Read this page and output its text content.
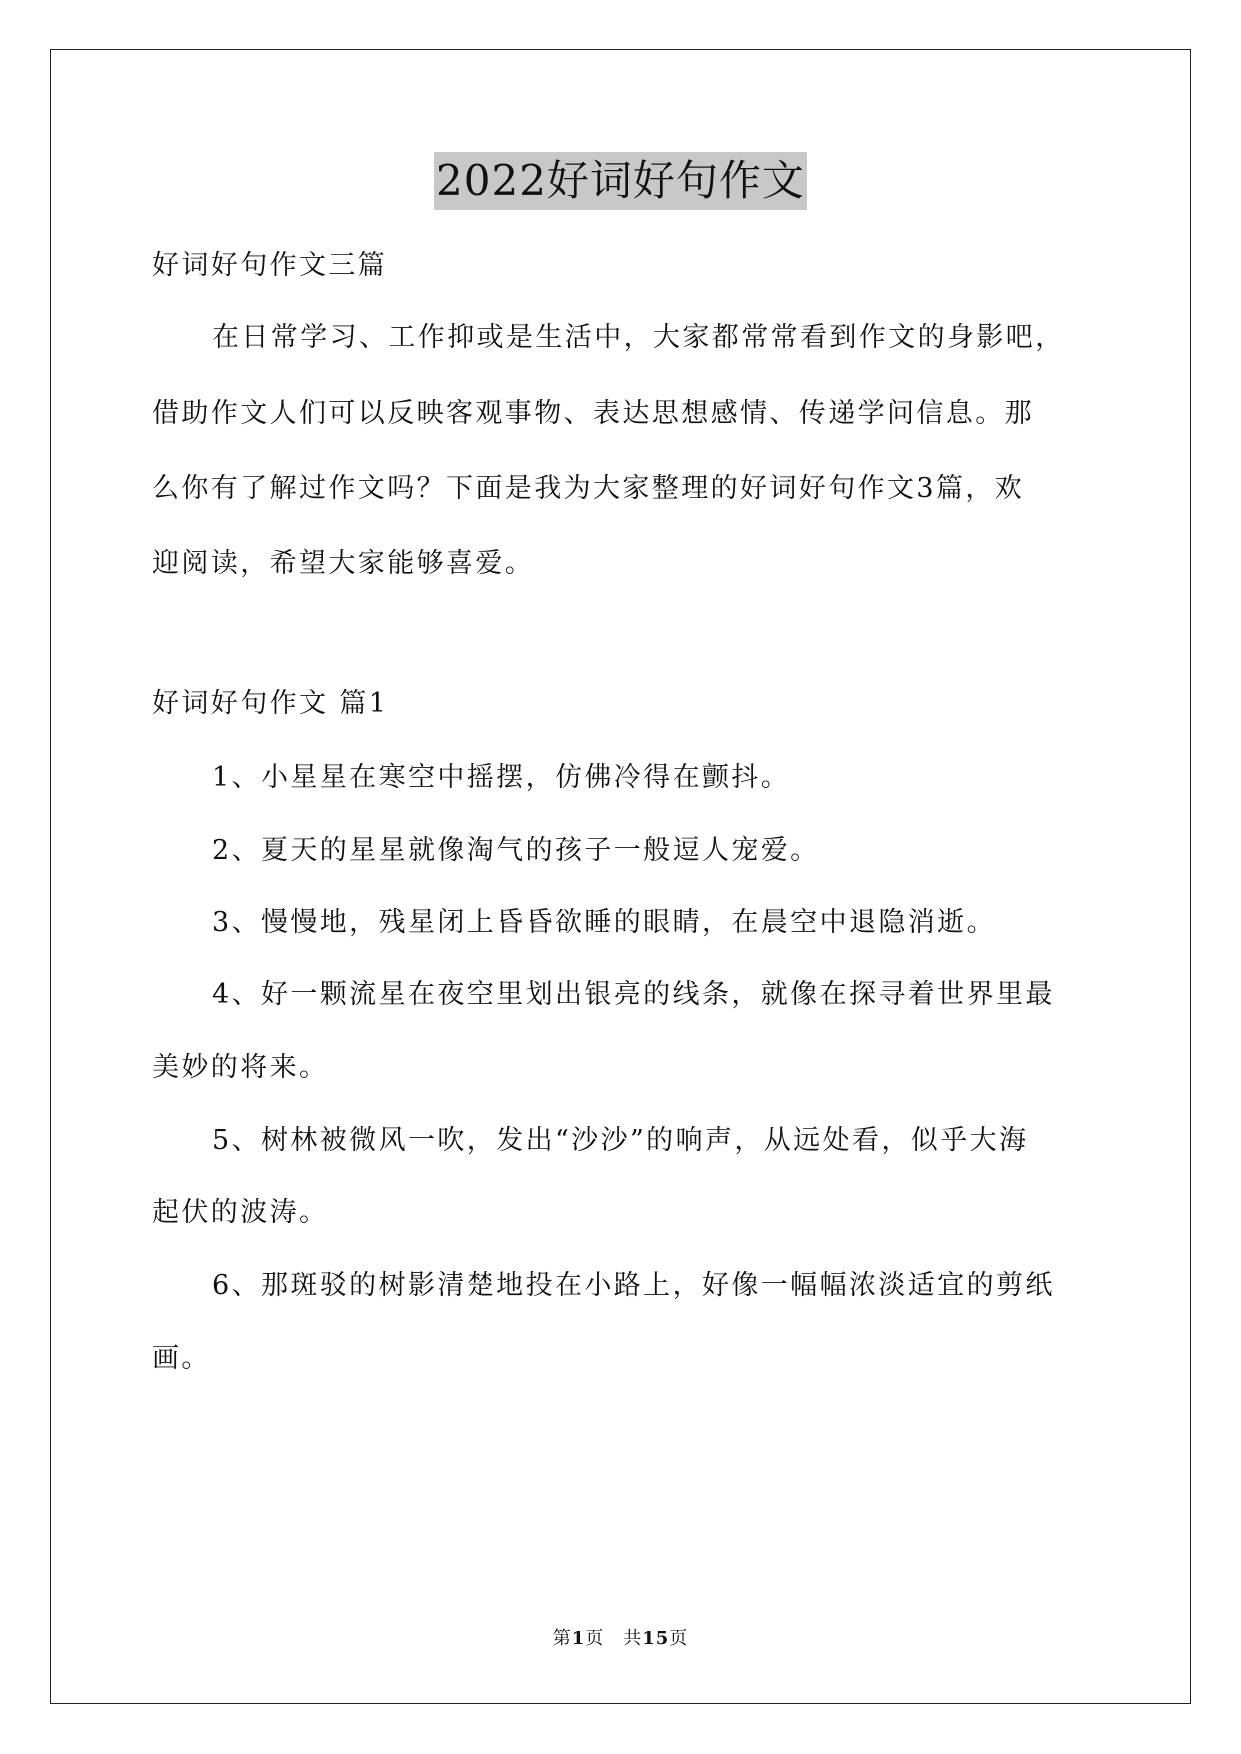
2022好词好句作文
好词好句作文三篇
在日常学习、工作抑或是生活中，大家都常常看到作文的身影吧，
借助作文人们可以反映客观事物、表达思想感情、传递学问信息。那
么你有了解过作文吗？下面是我为大家整理的好词好句作文3篇，欢
迎阅读，希望大家能够喜爱。
好词好句作文 篇1
1、小星星在寒空中摇摆，仿佛冷得在颤抖。
2、夏天的星星就像淘气的孩子一般逗人宠爱。
3、慢慢地，残星闭上昏昏欲睡的眼睛，在晨空中退隐消逝。
4、好一颗流星在夜空里划出银亮的线条，就像在探寻着世界里最
美妙的将来。
5、树林被微风一吹，发出“沙沙”的响声，从远处看，似乎大海
起伏的波涛。
6、那斑驳的树影清楚地投在小路上，好像一幅幅浓淡适宜的剪纸
画。
第1页　共15页
